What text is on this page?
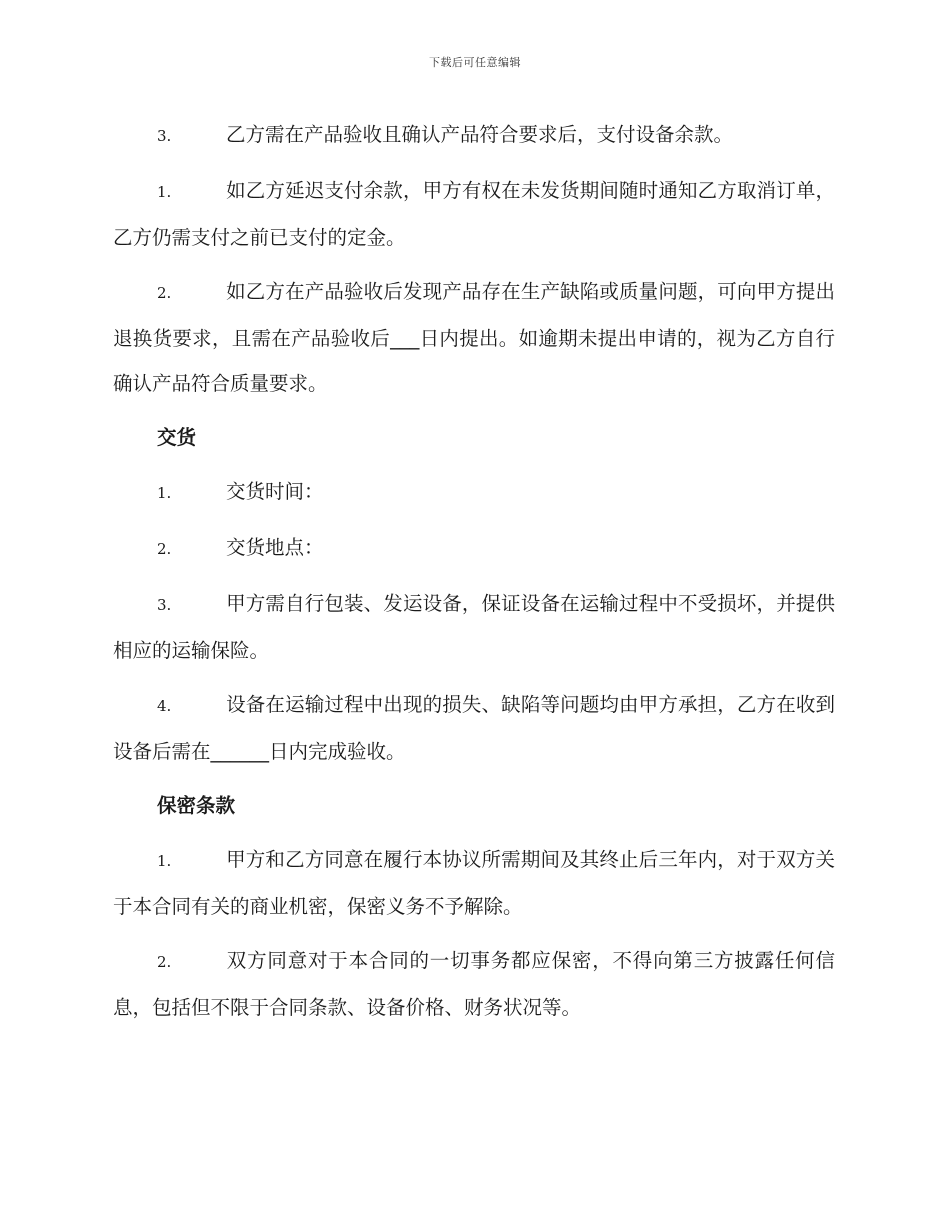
下载后可任意编辑

3.	乙方需在产品验收且确认产品符合要求后，支付设备余款。

1.	如乙方延迟支付余款，甲方有权在未发货期间随时通知乙方取消订单，乙方仍需支付之前已支付的定金。

2.	如乙方在产品验收后发现产品存在生产缺陷或质量问题，可向甲方提出退换货要求，且需在产品验收后___日内提出。如逾期未提出申请的，视为乙方自行确认产品符合质量要求。

交货

1.	交货时间：

2.	交货地点：

3.	甲方需自行包装、发运设备，保证设备在运输过程中不受损坏，并提供相应的运输保险。

4.	设备在运输过程中出现的损失、缺陷等问题均由甲方承担，乙方在收到设备后需在______日内完成验收。

保密条款

1.	甲方和乙方同意在履行本协议所需期间及其终止后三年内，对于双方关于本合同有关的商业机密，保密义务不予解除。

2.	双方同意对于本合同的一切事务都应保密，不得向第三方披露任何信息，包括但不限于合同条款、设备价格、财务状况等。
